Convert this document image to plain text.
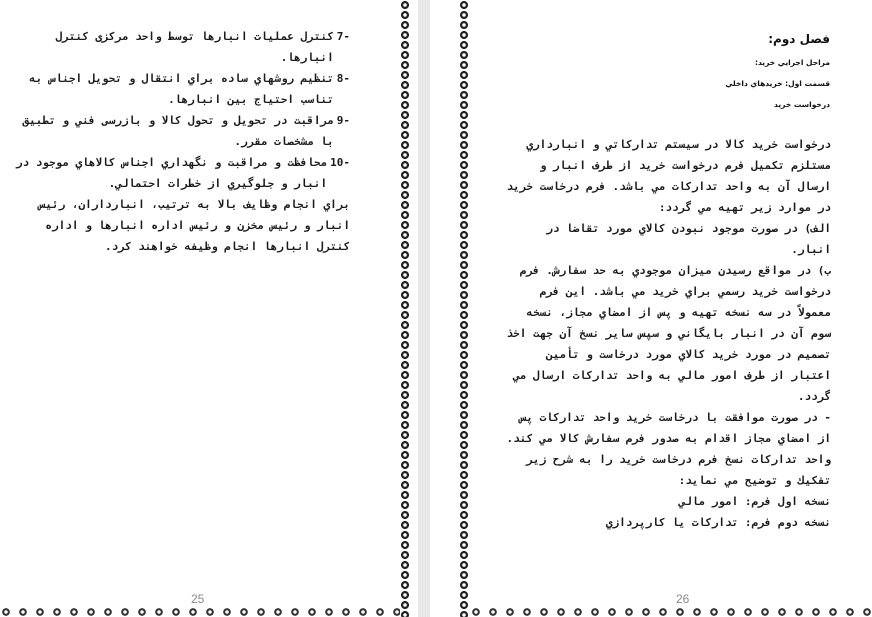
-7
کنترل عملیات انبارها توسط واحد مرکزی کنترل انبارها.
-8
تنظیم روشهاي ساده براي انتقال و تحویل اجناس به تناسب احتیاج بین انبارها.
-9
مراقبت در تحویل و تحول کالا و بازرسی فني و تطبیق با مشخصات مقرر.
-10
محافظت و مراقبت و نگهداري اجناس کالاهاي موجود در انبار و جلوگیري از خطرات احتمالي.

براي انجام وظایف بالا به ترتیب، انبارداران، رئیس انبار و رئیس مخزن و رئیس اداره انبارها و اداره کنترل انبارها انجام وظیفه خواهند کرد.

25
فصل دوم:
مراحل اجرایي خرید:
قسمت اول: خریدهاي داخلي
درخواست خرید

درخواست خرید کالا در سیستم تداركاتي و انبارداري مستلزم تكمیل فرم درخواست خرید از طرف انبار و ارسال آن به واحد تداركات مي باشد. فرم درخاست خرید در موارد زیر تهیه مي گردد:

الف) در صورت موجود نبودن كالاي مورد تقاضا در انبار.

ب) در مواقع رسیدن میزان موجودي به حد سفارش. فرم درخواست خرید رسمي براي خرید مي باشد. این فرم معمولاً در سه نسخه تهیه و پس از امضاي مجاز، نسخه سوم آن در انبار بایگاني و سپس سایر نسخ آن جهت اخذ تصمیم در مورد خرید كالاي مورد درخاست و تأمین اعتبار از طرف امور مالي به واحد تداركات ارسال مي گردد.

- در صورت موافقت با درخاست خرید واحد تداركات پس از امضاي مجاز اقدام به صدور فرم سفارش كالا مي كند.

واحد تداركات نسخ فرم درخاست خرید را به شرح زیر تفكیك و توضیح مي نماید:

نسخه اول فرم: امور مالي

نسخه دوم فرم: تداركات یا كارپردازي

26
